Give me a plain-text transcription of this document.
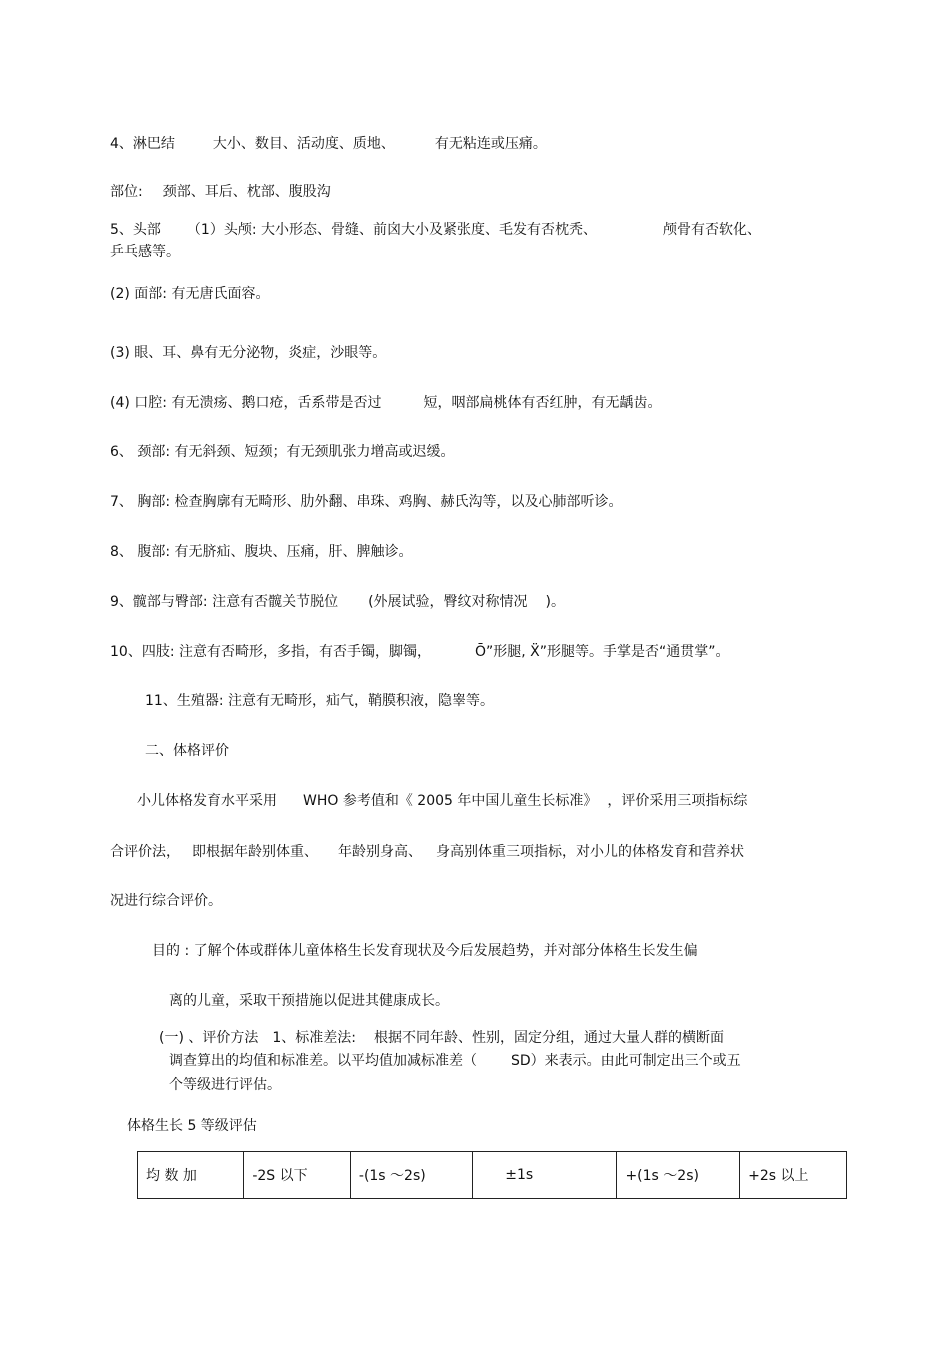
4、淋巴结	大小、数目、活动度、质地、	有无粘连或压痛。
部位: 颈部、耳后、枕部、腹股沟
5、头部 （1）头颅: 大小形态、骨缝、前囟大小及紧张度、毛发有否枕秃、	颅骨有否软化、
乒乓感等。
(2) 面部: 有无唐氏面容。
(3) 眼、耳、鼻有无分泌物，炎症，沙眼等。
(4) 口腔: 有无溃疡、鹅口疮，舌系带是否过	短，咽部扁桃体有否红肿，有无龋齿。
6、 颈部: 有无斜颈、短颈；有无颈肌张力增高或迟缓。
7、 胸部: 检查胸廓有无畸形、肋外翻、串珠、鸡胸、赫氏沟等，以及心肺部听诊。
8、 腹部: 有无脐疝、腹块、压痛，肝、脾触诊。
9、髋部与臀部: 注意有否髋关节脱位 (外展试验，臀纹对称情况 )。
10、四肢: 注意有否畸形，多指，有否手镯，脚镯，	Ō”形腿, Ẍ”形腿等。手掌是否“通贯掌”。
11、生殖器: 注意有无畸形，疝气，鞘膜积液，隐睾等。
二、体格评价
小儿体格发育水平采用 WHO 参考值和《 2005 年中国儿童生长标准》 ，评价采用三项指标综
合评价法， 即根据年龄别体重、 年龄别身高、 身高别体重三项指标，对小儿的体格发育和营养状
况进行综合评价。
目的 : 了解个体或群体儿童体格生长发育现状及今后发展趋势，并对部分体格生长发生偏
离的儿童，采取干预措施以促进其健康成长。
(一) 、评价方法 1、标准差法: 根据不同年龄、性别，固定分组，通过大量人群的横断面
调查算出的均值和标准差。以平均值加减标准差（ SD）来表示。由此可制定出三个或五
个等级进行评估。
体格生长 5 等级评估
均 数 加	-2S 以下	-(1s ～2s)	±1s	+(1s ～2s)	+2s 以上
